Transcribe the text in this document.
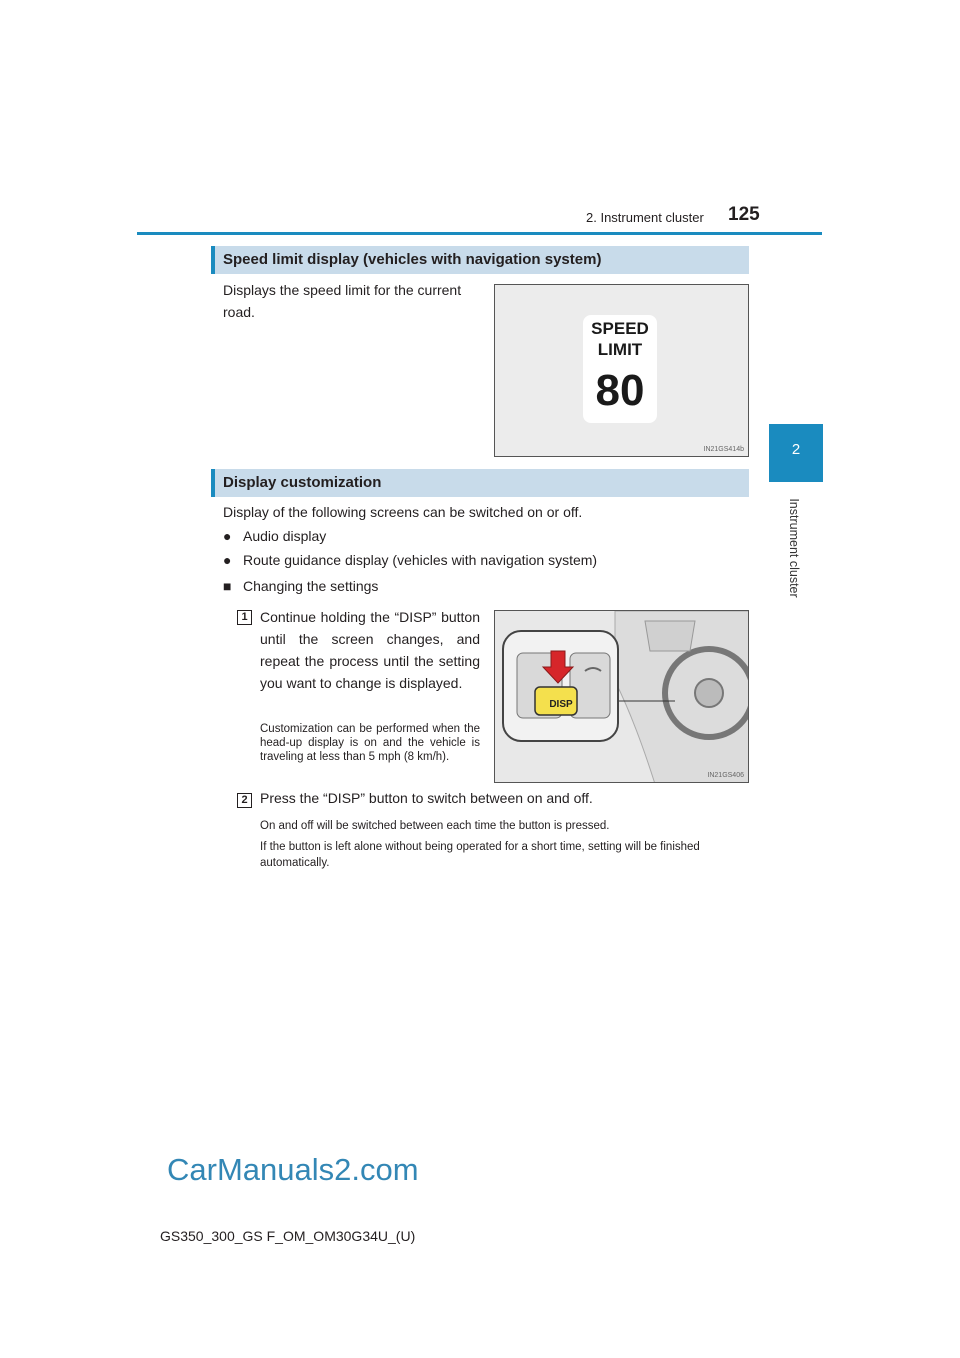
2. Instrument cluster 125
2
Instrument cluster
Speed limit display (vehicles with navigation system)
Displays the speed limit for the current road.
SPEED
LIMIT
80
IN21GS414b
Display customization
Display of the following screens can be switched on or off.
● Audio display
● Route guidance display (vehicles with navigation system)
■ Changing the settings
1 Continue holding the “DISP” button until the screen changes, and repeat the process until the setting you want to change is displayed.
Customization can be performed when the head-up display is on and the vehicle is traveling at less than 5 mph (8 km/h).
DISP
IN21GS406
2 Press the “DISP” button to switch between on and off.
On and off will be switched between each time the button is pressed.
If the button is left alone without being operated for a short time, setting will be finished automatically.
CarManuals2.com
GS350_300_GS F_OM_OM30G34U_(U)
